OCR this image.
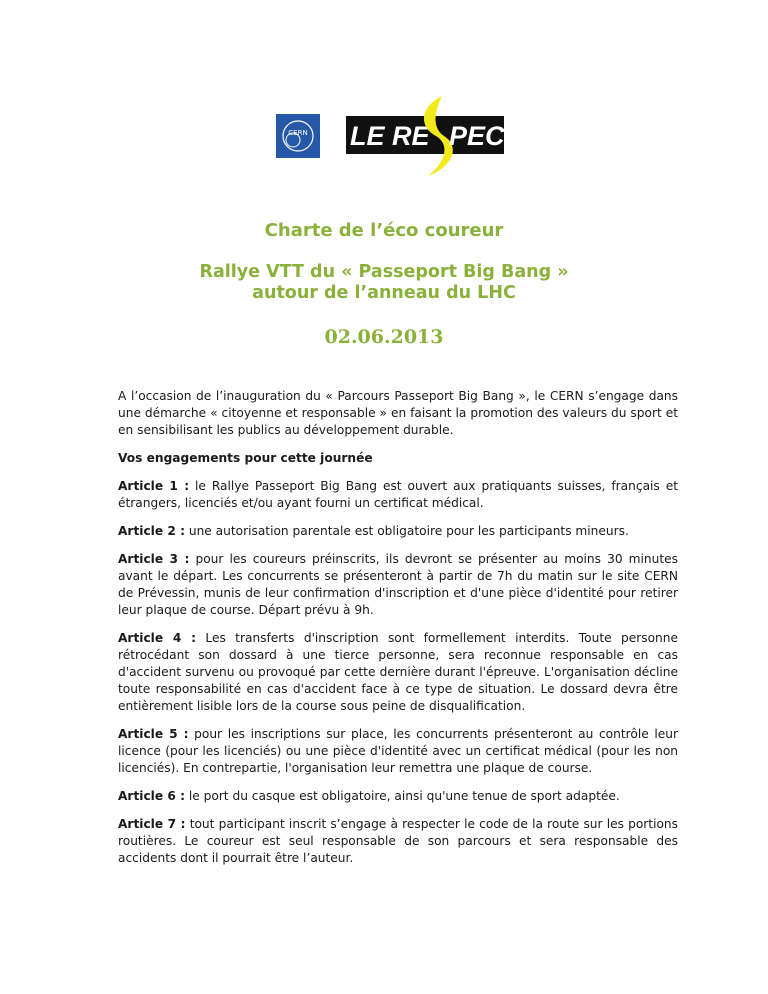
CERN LE RE PECT

Charte de l’éco coureur

Rallye VTT du « Passeport Big Bang »

autour de l’anneau du LHC

02.06.2013

A l’occasion de l’inauguration du « Parcours Passeport Big Bang », le CERN s’engage dans une démarche « citoyenne et responsable » en faisant la promotion des valeurs du sport et en sensibilisant les publics au développement durable.

Vos engagements pour cette journée

Article 1 : le Rallye Passeport Big Bang est ouvert aux pratiquants suisses, français et étrangers, licenciés et/ou ayant fourni un certificat médical.

Article 2 : une autorisation parentale est obligatoire pour les participants mineurs.

Article 3 : pour les coureurs préinscrits, ils devront se présenter au moins 30 minutes avant le départ. Les concurrents se présenteront à partir de 7h du matin sur le site CERN de Prévessin, munis de leur confirmation d'inscription et d'une pièce d'identité pour retirer leur plaque de course. Départ prévu à 9h.

Article 4 : Les transferts d'inscription sont formellement interdits. Toute personne rétrocédant son dossard à une tierce personne, sera reconnue responsable en cas d'accident survenu ou provoqué par cette dernière durant l'épreuve. L'organisation décline toute responsabilité en cas d'accident face à ce type de situation. Le dossard devra être entièrement lisible lors de la course sous peine de disqualification.

Article 5 : pour les inscriptions sur place, les concurrents présenteront au contrôle leur licence (pour les licenciés) ou une pièce d'identité avec un certificat médical (pour les non licenciés). En contrepartie, l'organisation leur remettra une plaque de course.

Article 6 : le port du casque est obligatoire, ainsi qu'une tenue de sport adaptée.

Article 7 : tout participant inscrit s’engage à respecter le code de la route sur les portions routières. Le coureur est seul responsable de son parcours et sera responsable des accidents dont il pourrait être l’auteur.
